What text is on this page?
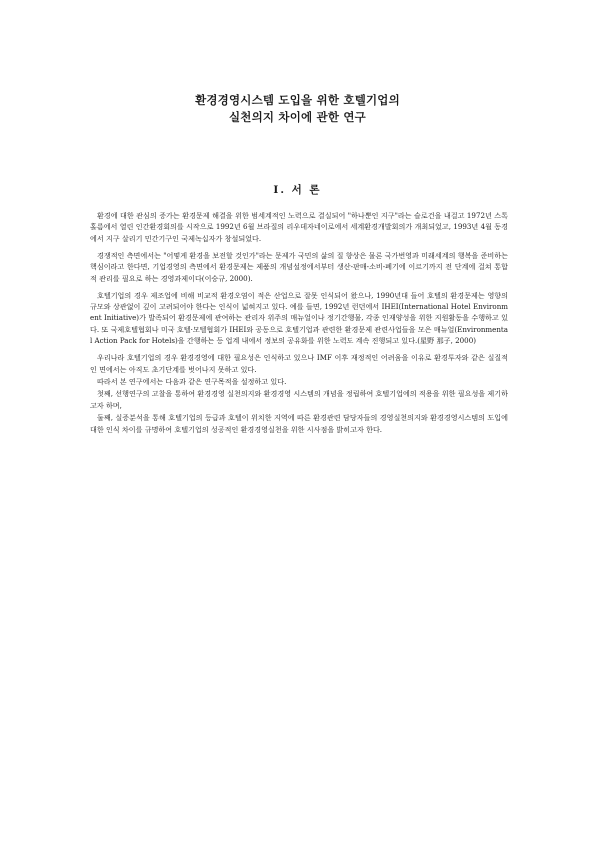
환경경영시스템 도입을 위한 호텔기업의
실천의지 차이에 관한 연구
I. 서 론

환경에 대한 관심의 증가는 환경문제 해결을 위한 범세계적인 노력으로 결실되어 "하나뿐인 지구"라는 슬로건을 내걸고 1972년 스톡홀름에서 열린 인간환경회의를 시작으로 1992년 6월 브라질의 리우데자네이로에서 세계환경개발회의가 개최되었고, 1993년 4월 동경에서 지구 살리기 민간기구인 국제녹십자가 창설되었다.

경쟁적인 측면에서는 "어떻게 환경을 보전할 것인가"라는 문제가 국민의 삶의 질 향상은 물론 국가번영과 미래세계의 행복을 준비하는 핵심이라고 한다면, 기업경영의 측면에서 환경문제는 제품의 개념설정에서부터 생산-판매-소비-폐기에 이르기까지 전 단계에 걸쳐 통합적 관리를 필요로 하는 경영과제이다(이승규, 2000).

호텔기업의 경우 제조업에 비해 비교적 환경오염이 적은 산업으로 잘못 인식되어 왔으나, 1990년대 들어 호텔의 환경문제는 영향의 규모와 상관없이 깊이 고려되어야 한다는 인식이 넓혀지고 있다. 예를 들면, 1992년 런던에서 IHEI(International Hotel Environment Initiative)가 발족되어 환경문제에 관여하는 관리자 위주의 매뉴얼이나 정기간행물, 각종 인재양성을 위한 지원활동을 수행하고 있다. 또 국제호텔협회나 미국 호텔·모텔협회가 IHEI와 공동으로 호텔기업과 관련한 환경문제 관련사업들을 모은 매뉴얼(Environmental Action Pack for Hotels)을 간행하는 등 업계 내에서 정보의 공유화를 위한 노력도 계속 진행되고 있다.(星野 那子, 2000)

우리나라 호텔기업의 경우 환경경영에 대한 필요성은 인식하고 있으나 IMF 이후 재정적인 어려움을 이유로 환경투자와 같은 실질적인 면에서는 아직도 초기단계를 벗어나지 못하고 있다.

따라서 본 연구에서는 다음과 같은 연구목적을 설정하고 있다.

첫째, 선행연구의 고찰을 통하여 환경경영 실천의지와 환경경영 시스템의 개념을 정립하여 호텔기업에의 적용을 위한 필요성을 제기하고자 하며,

둘째, 실증분석을 통해 호텔기업의 등급과 호텔이 위치한 지역에 따른 환경관련 담당자들의 경영실천의지와 환경경영시스템의 도입에 대한 인식 차이를 규명하여 호텔기업의 성공적인 환경경영실천을 위한 시사점을 밝히고자 한다.
